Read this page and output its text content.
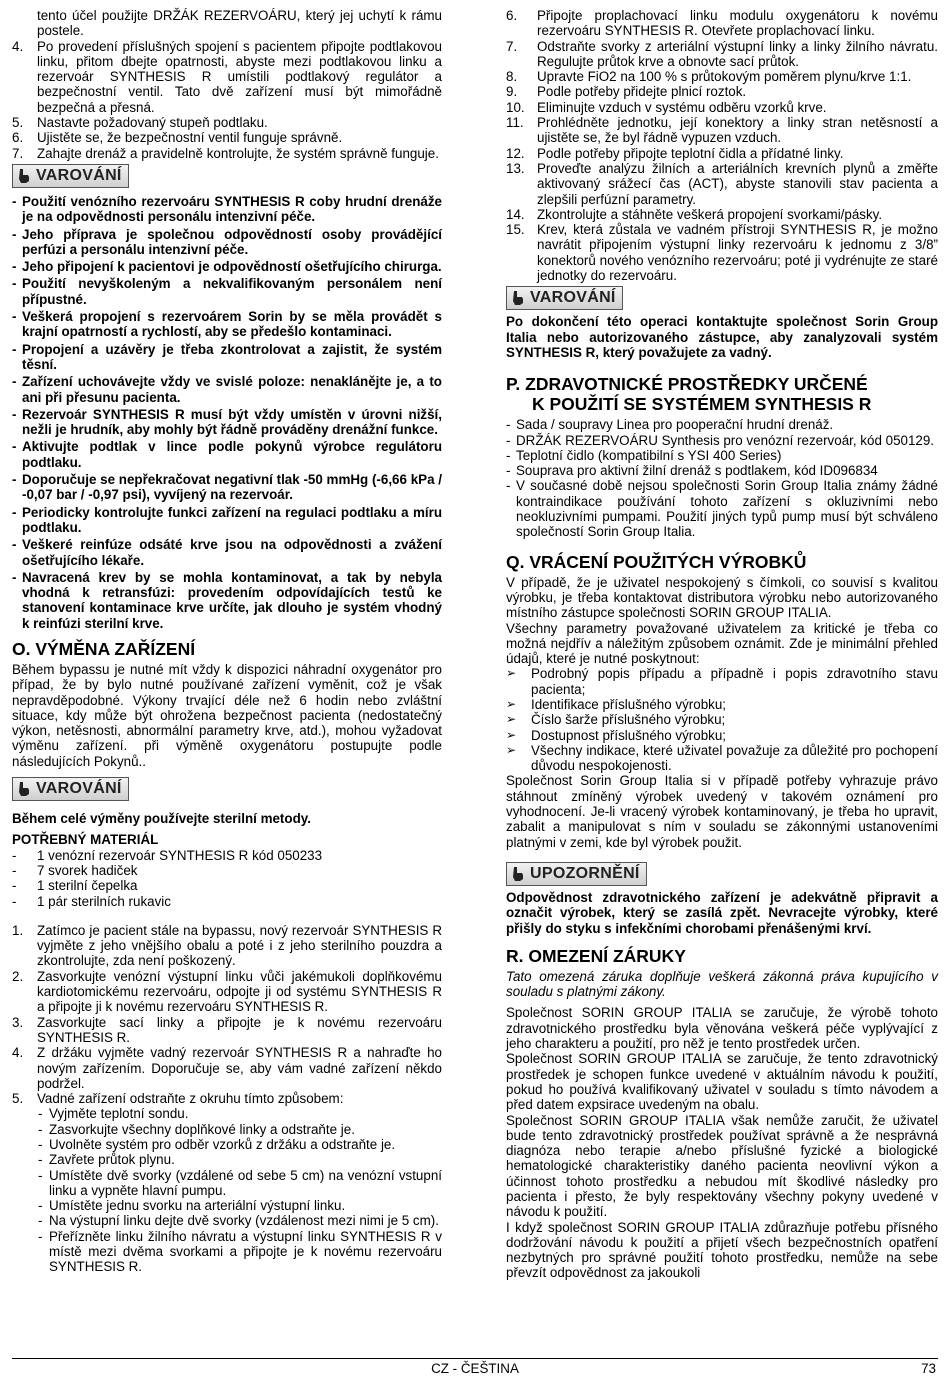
tento účel použijte DRŽÁK REZERVOÁRU, který jej uchytí k rámu postele.

4.	Po provedení příslušných spojení s pacientem připojte podtlakovou linku, přitom dbejte opatrnosti, abyste mezi podtlakovou linku a rezervoár SYNTHESIS R umístili podtlakový regulátor a bezpečnostní ventil. Tato dvě zařízení musí být mimořádně bezpečná a přesná.
5.	Nastavte požadovaný stupeň podtlaku.
6.	Ujistěte se, že bezpečnostní ventil funguje správně.
7.	Zahajte drenáž a pravidelně kontrolujte, že systém správně funguje.
VAROVÁNÍ
- Použití venózního rezervoáru SYNTHESIS R coby hrudní drenáže je na odpovědnosti personálu intenzivní péče.
- Jeho příprava je společnou odpovědností osoby provádějící perfúzi a personálu intenzivní péče.
- Jeho připojení k pacientovi je odpovědností ošetřujícího chirurga.
- Použití nevyškoleným a nekvalifikovaným personálem není přípustné.
- Veškerá propojení s rezervoárem Sorin by se měla provádět s krajní opatrností a rychlostí, aby se předešlo kontaminaci.
- Propojení a uzávěry je třeba zkontrolovat a zajistit, že systém těsní.
- Zařízení uchovávejte vždy ve svislé poloze: nenaklánějte je, a to ani při přesunu pacienta.
- Rezervoár SYNTHESIS R musí být vždy umístěn v úrovni nižší, nežli je hrudník, aby mohly být řádně prováděny drenážní funkce.
- Aktivujte podtlak v lince podle pokynů výrobce regulátoru podtlaku.
- Doporučuje se nepřekračovat negativní tlak -50 mmHg (-6,66 kPa / -0,07 bar / -0,97 psi), vyvíjený na rezervoár.
- Periodicky kontrolujte funkci zařízení na regulaci podtlaku a míru podtlaku.
- Veškeré reinfúze odsáté krve jsou na odpovědnosti a zvážení ošetřujícího lékaře.
- Navracená krev by se mohla kontaminovat, a tak by nebyla vhodná k retransfúzi: provedením odpovídajících testů ke stanovení kontaminace krve určíte, jak dlouho je systém vhodný k reinfúzi sterilní krve.
O. VÝMĚNA ZAŘÍZENÍ

Během bypassu je nutné mít vždy k dispozici náhradní oxygenátor pro případ, že by bylo nutné používané zařízení vyměnit, což je však nepravděpodobné. Výkony trvající déle než 6 hodin nebo zvláštní situace, kdy může být ohrožena bezpečnost pacienta (nedostatečný výkon, netěsnosti, abnormální parametry krve, atd.), mohou vyžadovat výměnu zařízení. při výměně oxygenátoru postupujte podle následujících Pokynů..

VAROVÁNÍ

Během celé výměny používejte sterilní metody.

POTŘEBNÝ MATERIÁL

-	1 venózní rezervoár SYNTHESIS R kód 050233
-	7 svorek hadiček
-	1 sterilní čepelka
-	1 pár sterilních rukavic
1.	Zatímco je pacient stále na bypassu, nový rezervoár SYNTHESIS R vyjměte z jeho vnějšího obalu a poté i z jeho sterilního pouzdra a zkontrolujte, zda není poškozený.
2.	Zasvorkujte venózní výstupní linku vůči jakémukoli doplňkovému kardiotomickému rezervoáru, odpojte ji od systému SYNTHESIS R a připojte ji k novému rezervoáru SYNTHESIS R.
3.	Zasvorkujte sací linky a připojte je k novému rezervoáru SYNTHESIS R.
4.	Z držáku vyjměte vadný rezervoár SYNTHESIS R a nahraďte ho novým zařízením. Doporučuje se, aby vám vadné zařízení někdo podržel.
5.	Vadné zařízení odstraňte z okruhu tímto způsobem:
- Vyjměte teplotní sondu.
- Zasvorkujte všechny doplňkové linky a odstraňte je.
- Uvolněte systém pro odběr vzorků z držáku a odstraňte je.
- Zavřete průtok plynu.
- Umístěte dvě svorky (vzdálené od sebe 5 cm) na venózní vstupní linku a vypněte hlavní pumpu.
- Umístěte jednu svorku na arteriální výstupní linku.
- Na výstupní linku dejte dvě svorky (vzdálenost mezi nimi je 5 cm).
- Přeřízněte linku žilního návratu a výstupní linku SYNTHESIS R v místě mezi dvěma svorkami a připojte je k novému rezervoáru SYNTHESIS R.
6.	Připojte proplachovací linku modulu oxygenátoru k novému rezervoáru SYNTHESIS R. Otevřete proplachovací linku.
7.	Odstraňte svorky z arteriální výstupní linky a linky žilního návratu. Regulujte průtok krve a obnovte sací průtok.
8.	Upravte FiO2 na 100 % s průtokovým poměrem plynu/krve 1:1.
9.	Podle potřeby přidejte plnicí roztok.
10. Eliminujte vzduch v systému odběru vzorků krve.
11. Prohlédněte jednotku, její konektory a linky stran netěsností a ujistěte se, že byl řádně vypuzen vzduch.
12. Podle potřeby připojte teplotní čidla a přídatné linky.
13. Proveďte analýzu žilních a arteriálních krevních plynů a změřte aktivovaný srážecí čas (ACT), abyste stanovili stav pacienta a zlepšili perfúzní parametry.
14. Zkontrolujte a stáhněte veškerá propojení svorkami/pásky.
15. Krev, která zůstala ve vadném přístroji SYNTHESIS R, je možno navrátit připojením výstupní linky rezervoáru k jednomu z 3/8” konektorů nového venózního rezervoáru; poté ji vydrénujte ze staré jednotky do rezervoáru.
VAROVÁNÍ

Po dokončení této operaci kontaktujte společnost Sorin Group Italia nebo autorizovaného zástupce, aby zanalyzovali systém SYNTHESIS R, který považujete za vadný.

P. ZDRAVOTNICKÉ PROSTŘEDKY URČENÉ
K POUŽITÍ SE SYSTÉMEM SYNTHESIS R
- Sada / soupravy Linea pro pooperační hrudní drenáž.
- DRŽÁK REZERVOÁRU Synthesis pro venózní rezervoár, kód 050129.
- Teplotní čidlo (kompatibilní s YSI 400 Series)
- Souprava pro aktivní žilní drenáž s podtlakem, kód ID096834
- V současné době nejsou společnosti Sorin Group Italia známy žádné kontraindikace používání tohoto zařízení s okluzivními nebo neokluzivními pumpami. Použití jiných typů pump musí být schváleno společností Sorin Group Italia.
Q. VRÁCENÍ POUŽITÝCH VÝROBKŮ

V případě, že je uživatel nespokojený s čímkoli, co souvisí s kvalitou výrobku, je třeba kontaktovat distributora výrobku nebo autorizovaného místního zástupce společnosti SORIN GROUP ITALIA.

Všechny parametry považované uživatelem za kritické je třeba co možná nejdřív a náležitým způsobem oznámit. Zde je minimální přehled údajů, které je nutné poskytnout:

➢	Podrobný popis případu a případně i popis zdravotního stavu pacienta;
➢	Identifikace příslušného výrobku;
➢	Číslo šarže příslušného výrobku;
➢	Dostupnost příslušného výrobku;
➢	Všechny indikace, které uživatel považuje za důležité pro pochopení důvodu nespokojenosti.

Společnost Sorin Group Italia si v případě potřeby vyhrazuje právo stáhnout zmíněný výrobek uvedený v takovém oznámení pro vyhodnocení. Je-li vracený výrobek kontaminovaný, je třeba ho upravit, zabalit a manipulovat s ním v souladu se zákonnými ustanoveními platnými v zemi, kde byl výrobek použit.

UPOZORNĚNÍ

Odpovědnost zdravotnického zařízení je adekvátně připravit a označit výrobek, který se zasílá zpět. Nevracejte výrobky, které přišly do styku s infekčními chorobami přenášenými krví.

R. OMEZENÍ ZÁRUKY

Tato omezená záruka doplňuje veškerá zákonná práva kupujícího v souladu s platnými zákony.

Společnost SORIN GROUP ITALIA se zaručuje, že výrobě tohoto zdravotnického prostředku byla věnována veškerá péče vyplývající z jeho charakteru a použití, pro něž je tento prostředek určen.

Společnost SORIN GROUP ITALIA se zaručuje, že tento zdravotnický prostředek je schopen funkce uvedené v aktuálním návodu k použití, pokud ho používá kvalifikovaný uživatel v souladu s tímto návodem a před datem expsirace uvedeným na obalu.

Společnost SORIN GROUP ITALIA však nemůže zaručit, že uživatel bude tento zdravotnický prostředek používat správně a že nesprávná diagnóza nebo terapie a/nebo příslušné fyzické a biologické hematologické charakteristiky daného pacienta neovlivní výkon a účinnost tohoto prostředku a nebudou mít škodlivé následky pro pacienta i přesto, že byly respektovány všechny pokyny uvedené v návodu k použití.

I když společnost SORIN GROUP ITALIA zdůrazňuje potřebu přísného dodržování návodu k použití a přijetí všech bezpečnostních opatření nezbytných pro správné použití tohoto prostředku, nemůže na sebe převzít odpovědnost za jakoukoli

CZ - ČEŠTINA	73
